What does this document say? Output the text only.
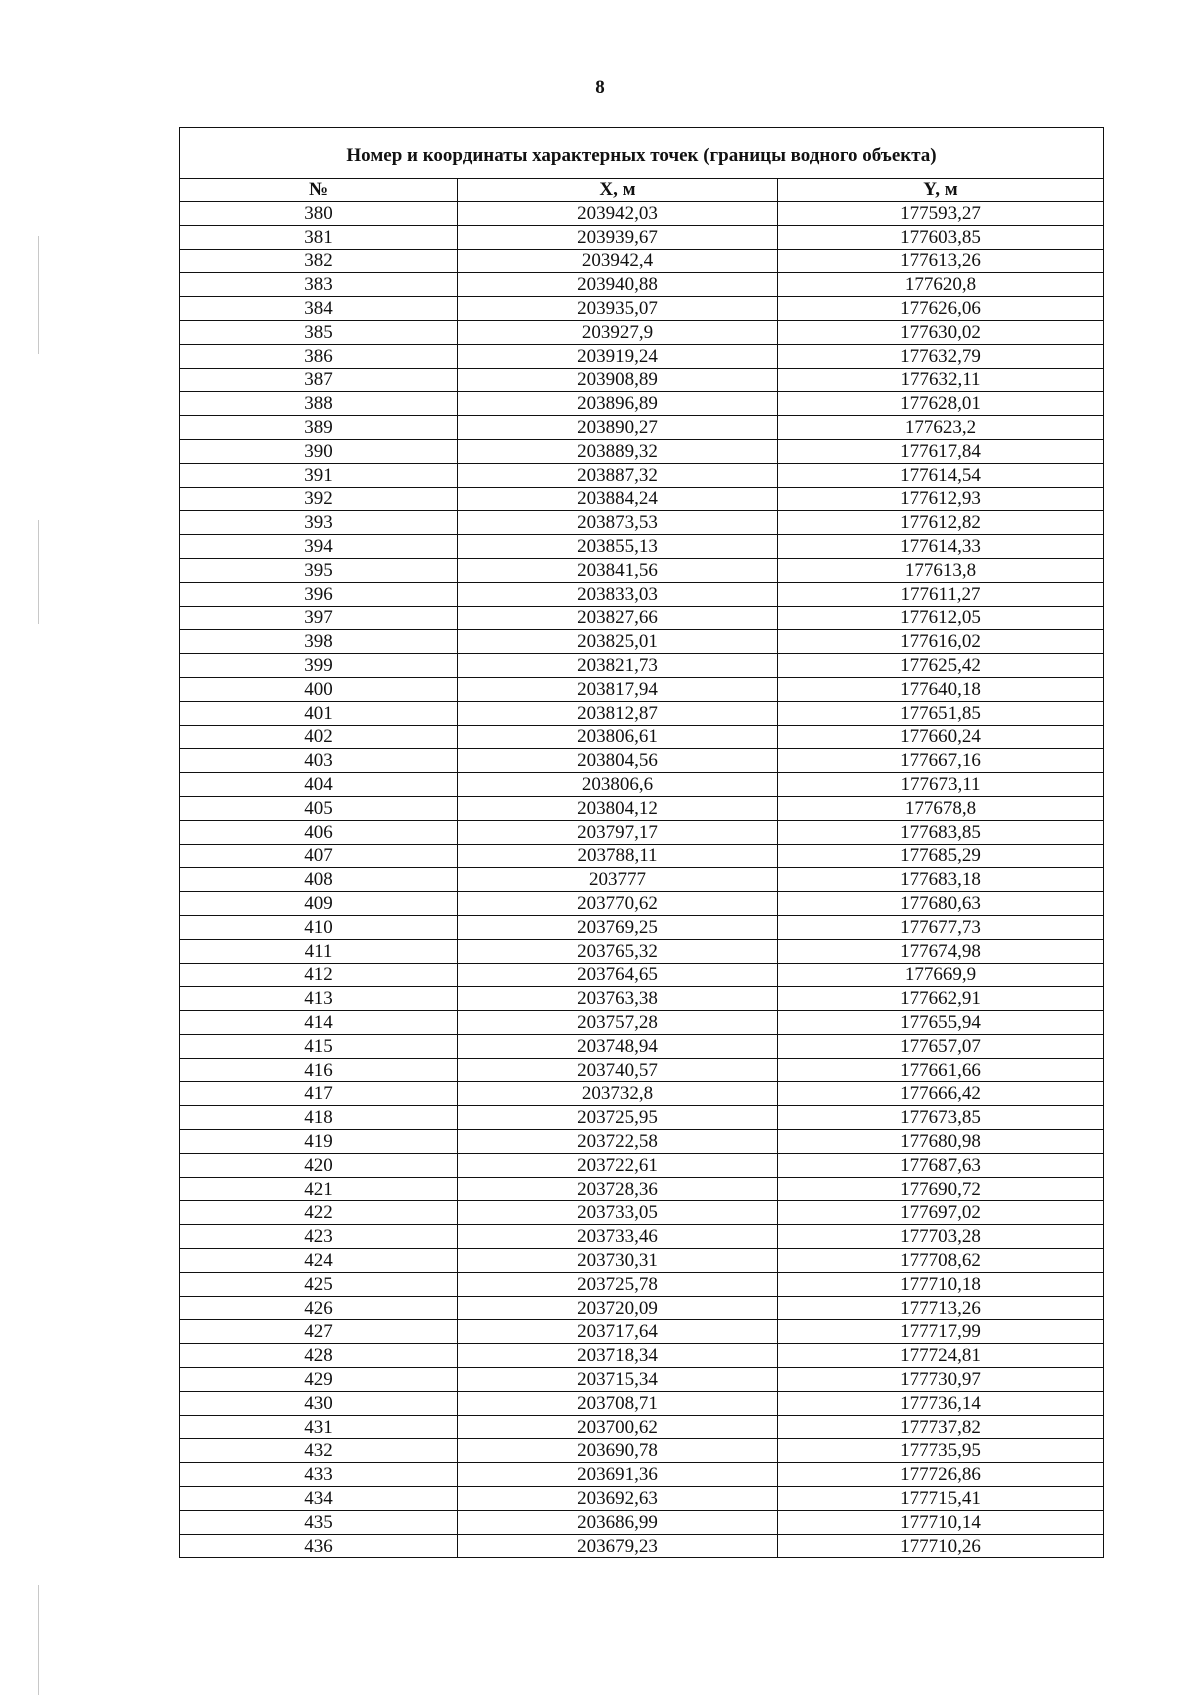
8
Номер и координаты характерных точек (границы водного объекта)		
№	X, м	Y, м
380	203942,03	177593,27
381	203939,67	177603,85
382	203942,4	177613,26
383	203940,88	177620,8
384	203935,07	177626,06
385	203927,9	177630,02
386	203919,24	177632,79
387	203908,89	177632,11
388	203896,89	177628,01
389	203890,27	177623,2
390	203889,32	177617,84
391	203887,32	177614,54
392	203884,24	177612,93
393	203873,53	177612,82
394	203855,13	177614,33
395	203841,56	177613,8
396	203833,03	177611,27
397	203827,66	177612,05
398	203825,01	177616,02
399	203821,73	177625,42
400	203817,94	177640,18
401	203812,87	177651,85
402	203806,61	177660,24
403	203804,56	177667,16
404	203806,6	177673,11
405	203804,12	177678,8
406	203797,17	177683,85
407	203788,11	177685,29
408	203777	177683,18
409	203770,62	177680,63
410	203769,25	177677,73
411	203765,32	177674,98
412	203764,65	177669,9
413	203763,38	177662,91
414	203757,28	177655,94
415	203748,94	177657,07
416	203740,57	177661,66
417	203732,8	177666,42
418	203725,95	177673,85
419	203722,58	177680,98
420	203722,61	177687,63
421	203728,36	177690,72
422	203733,05	177697,02
423	203733,46	177703,28
424	203730,31	177708,62
425	203725,78	177710,18
426	203720,09	177713,26
427	203717,64	177717,99
428	203718,34	177724,81
429	203715,34	177730,97
430	203708,71	177736,14
431	203700,62	177737,82
432	203690,78	177735,95
433	203691,36	177726,86
434	203692,63	177715,41
435	203686,99	177710,14
436	203679,23	177710,26
